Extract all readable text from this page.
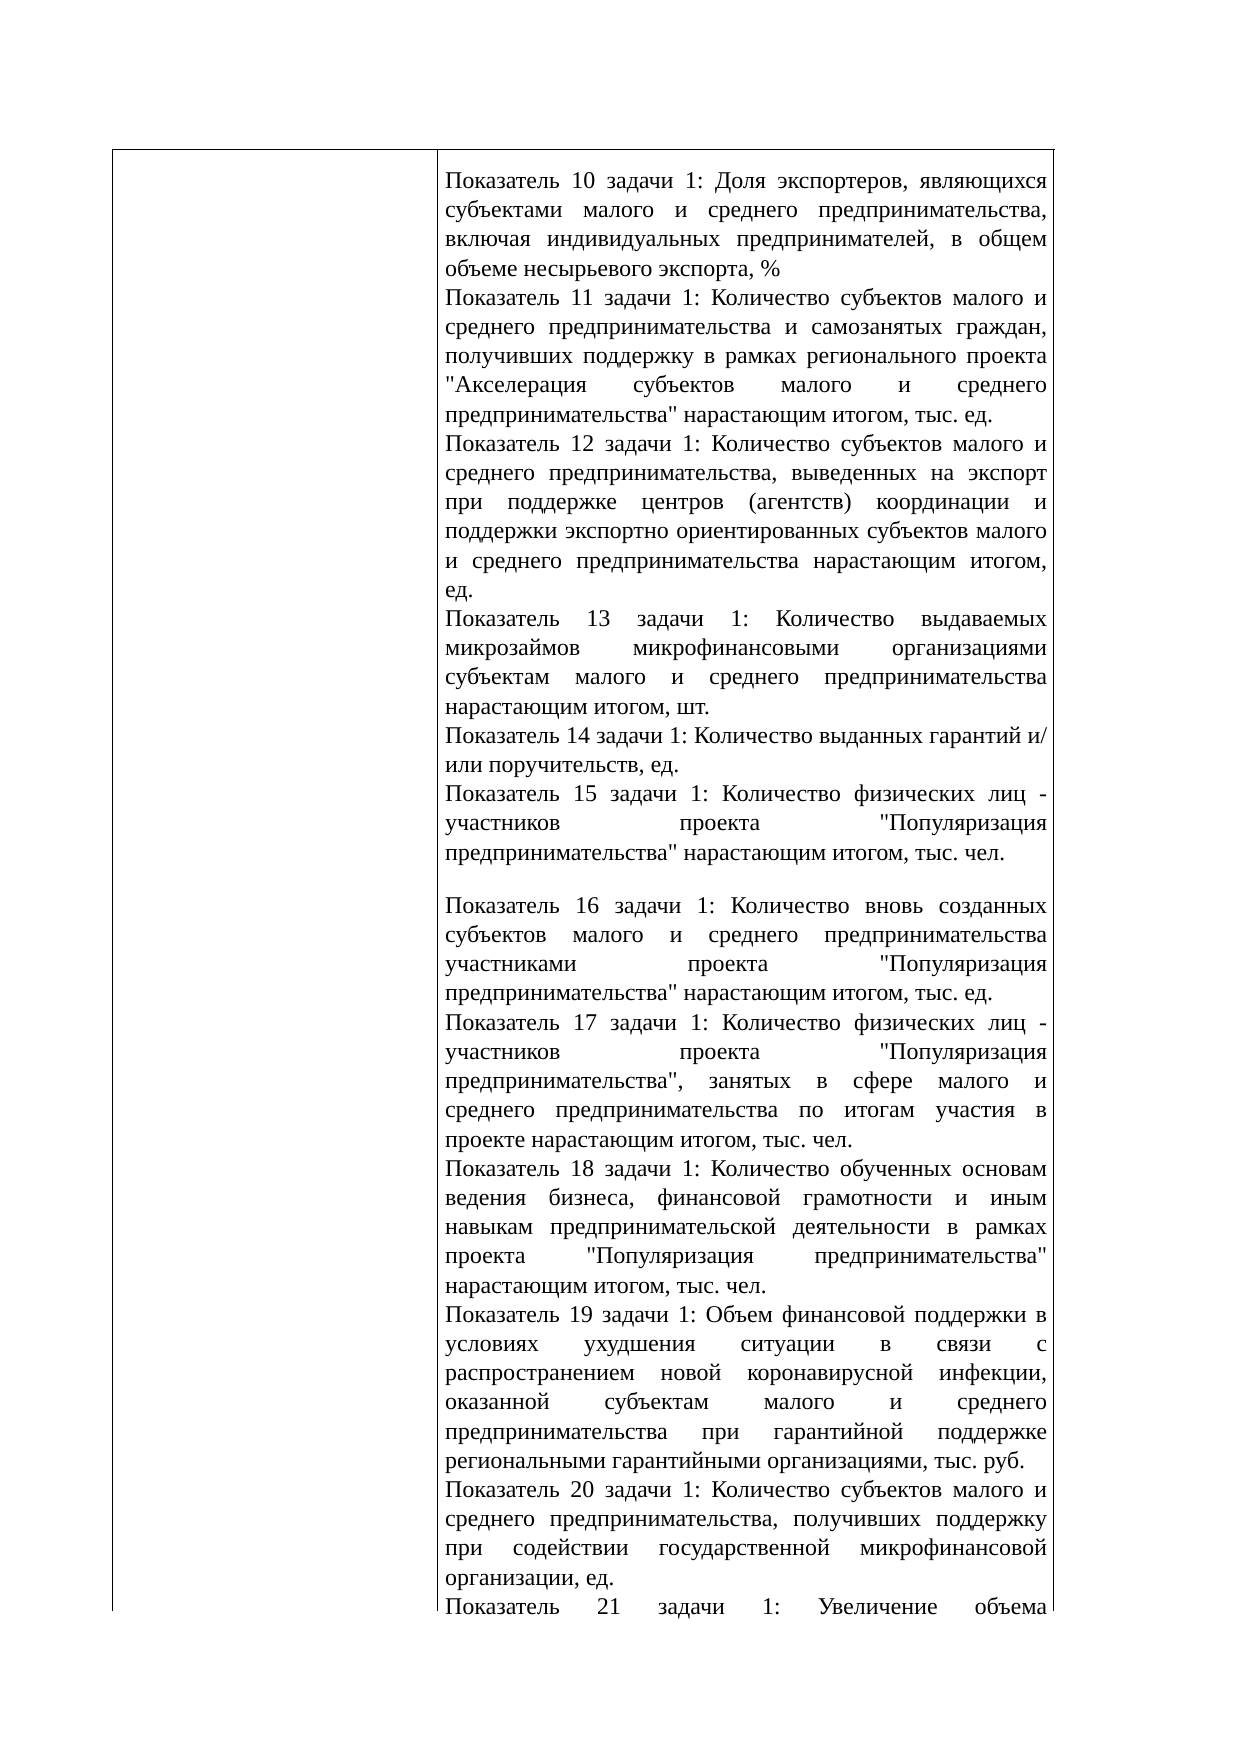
Показатель 10 задачи 1: Доля экспортеров, являющихся субъектами малого и среднего предпринимательства, включая индивидуальных предпринимателей, в общем объеме несырьевого экспорта, %

Показатель 11 задачи 1: Количество субъектов малого и среднего предпринимательства и самозанятых граждан, получивших поддержку в рамках регионального проекта "Акселерация субъектов малого и среднего предпринимательства" нарастающим итогом, тыс. ед.

Показатель 12 задачи 1: Количество субъектов малого и среднего предпринимательства, выведенных на экспорт при поддержке центров (агентств) координации и поддержки экспортно ориентированных субъектов малого и среднего предпринимательства нарастающим итогом, ед.

Показатель 13 задачи 1: Количество выдаваемых микрозаймов микрофинансовыми организациями субъектам малого и среднего предпринимательства нарастающим итогом, шт.

Показатель 14 задачи 1: Количество выданных гарантий и/или поручительств, ед.

Показатель 15 задачи 1: Количество физических лиц - участников проекта "Популяризация предпринимательства" нарастающим итогом, тыс. чел.

Показатель 16 задачи 1: Количество вновь созданных субъектов малого и среднего предпринимательства участниками проекта "Популяризация предпринимательства" нарастающим итогом, тыс. ед.

Показатель 17 задачи 1: Количество физических лиц - участников проекта "Популяризация предпринимательства", занятых в сфере малого и среднего предпринимательства по итогам участия в проекте нарастающим итогом, тыс. чел.

Показатель 18 задачи 1: Количество обученных основам ведения бизнеса, финансовой грамотности и иным навыкам предпринимательской деятельности в рамках проекта "Популяризация предпринимательства" нарастающим итогом, тыс. чел.

Показатель 19 задачи 1: Объем финансовой поддержки в условиях ухудшения ситуации в связи с распространением новой коронавирусной инфекции, оказанной субъектам малого и среднего предпринимательства при гарантийной поддержке региональными гарантийными организациями, тыс. руб.

Показатель 20 задачи 1: Количество субъектов малого и среднего предпринимательства, получивших поддержку при содействии государственной микрофинансовой организации, ед.

Показатель 21 задачи 1: Увеличение объема
